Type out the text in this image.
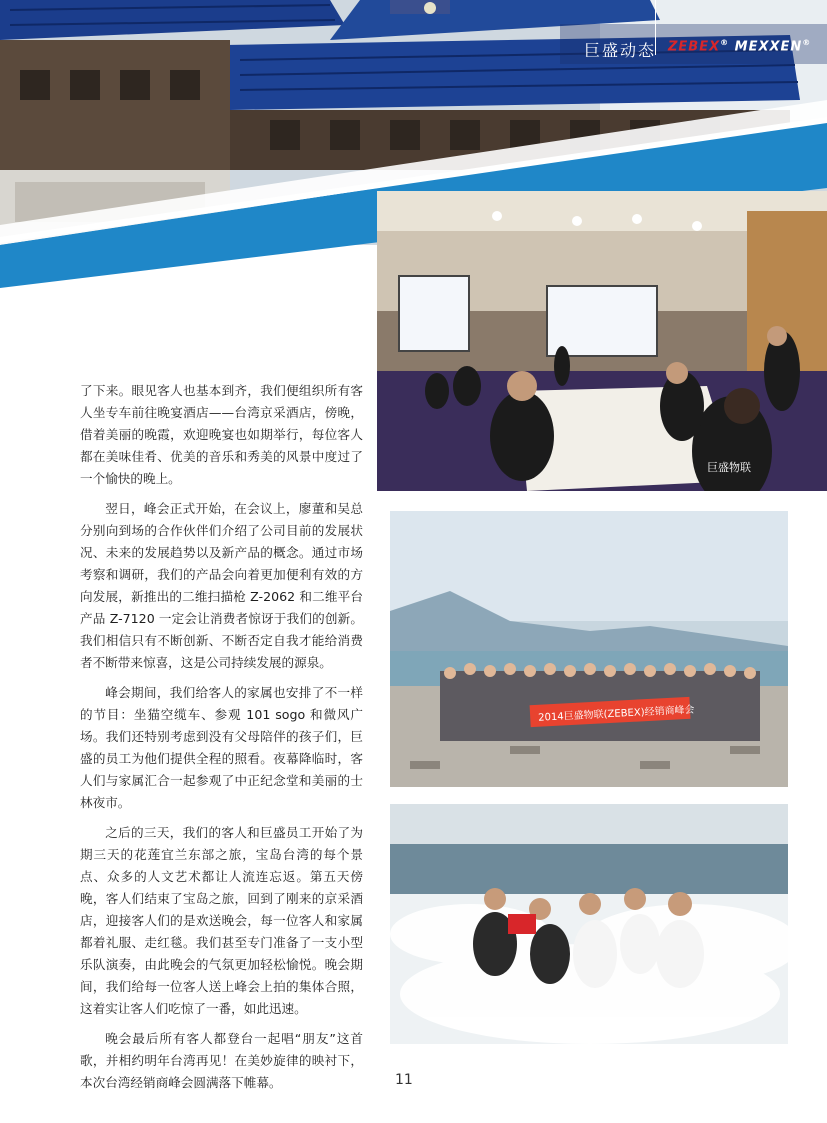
巨盛动态 ZEBEX® MEXXEN®

了下来。眼见客人也基本到齐，我们便组织所有客人坐专车前往晚宴酒店——台湾京采酒店，傍晚，借着美丽的晚霞，欢迎晚宴也如期举行，每位客人都在美味佳肴、优美的音乐和秀美的风景中度过了一个愉快的晚上。

翌日，峰会正式开始，在会议上，廖董和吴总分别向到场的合作伙伴们介绍了公司目前的发展状况、未来的发展趋势以及新产品的概念。通过市场考察和调研，我们的产品会向着更加便利有效的方向发展，新推出的二维扫描枪 Z-2062 和二维平台产品 Z-7120 一定会让消费者惊讶于我们的创新。我们相信只有不断创新、不断否定自我才能给消费者不断带来惊喜，这是公司持续发展的源泉。

峰会期间，我们给客人的家属也安排了不一样的节目：坐猫空缆车、参观 101 sogo 和微风广场。我们还特别考虑到没有父母陪伴的孩子们，巨盛的员工为他们提供全程的照看。夜幕降临时，客人们与家属汇合一起参观了中正纪念堂和美丽的士林夜市。

之后的三天，我们的客人和巨盛员工开始了为期三天的花莲宜兰东部之旅，宝岛台湾的每个景点、众多的人文艺术都让人流连忘返。第五天傍晚，客人们结束了宝岛之旅，回到了刚来的京采酒店，迎接客人们的是欢送晚会，每一位客人和家属都着礼服、走红毯。我们甚至专门准备了一支小型乐队演奏，由此晚会的气氛更加轻松愉悦。晚会期间，我们给每一位客人送上峰会上拍的集体合照，这着实让客人们吃惊了一番，如此迅速。

晚会最后所有客人都登台一起唱“朋友”这首歌，并相约明年台湾再见！在美妙旋律的映衬下，本次台湾经销商峰会圆满落下帷幕。

巨盛物联
2014巨盛物联(ZEBEX)经销商峰会
11
